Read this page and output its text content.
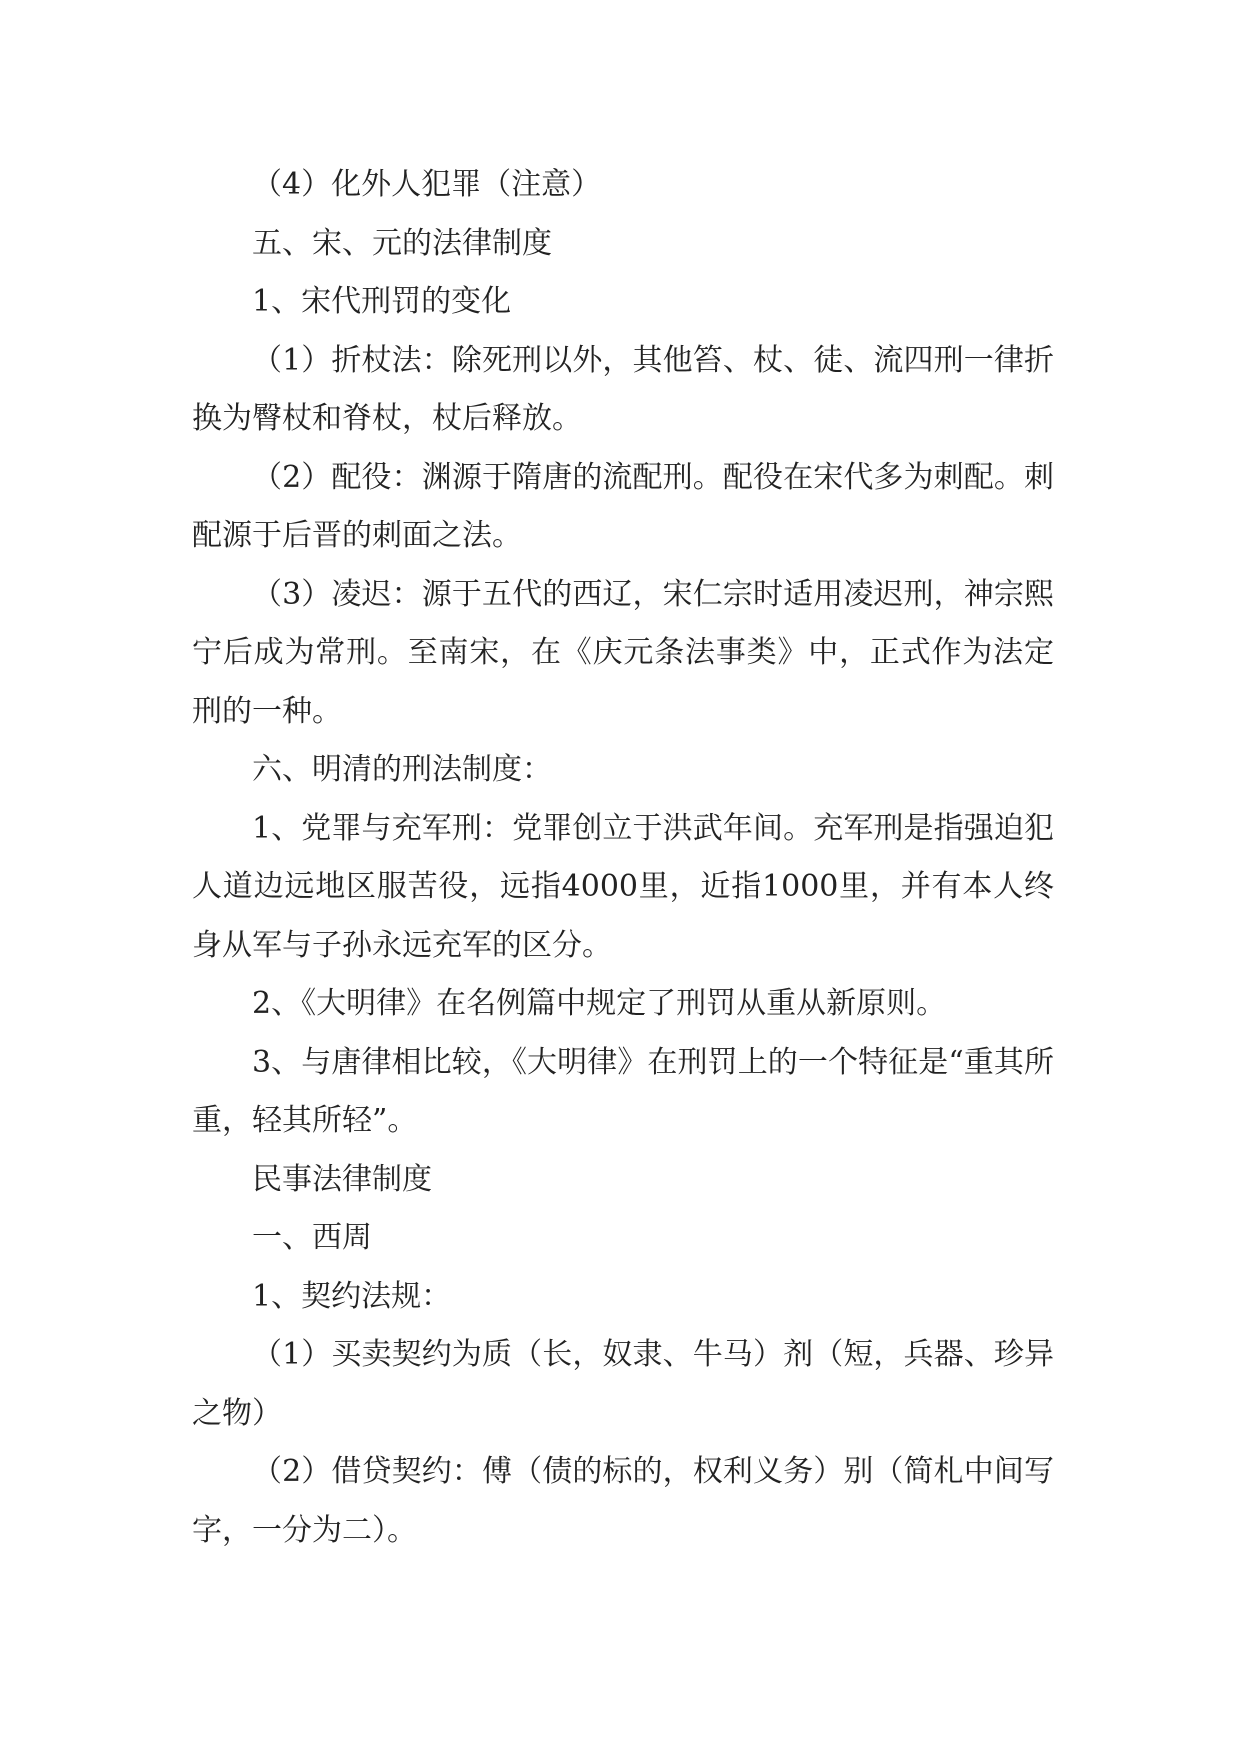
（4）化外人犯罪（注意）

五、宋、元的法律制度

1、宋代刑罚的变化

（1）折杖法：除死刑以外，其他笞、杖、徒、流四刑一律折换为臀杖和脊杖，杖后释放。

（2）配役：渊源于隋唐的流配刑。配役在宋代多为刺配。刺配源于后晋的刺面之法。

（3）凌迟：源于五代的西辽，宋仁宗时适用凌迟刑，神宗熙宁后成为常刑。至南宋，在《庆元条法事类》中，正式作为法定刑的一种。

六、明清的刑法制度：

1、党罪与充军刑：党罪创立于洪武年间。充军刑是指强迫犯人道边远地区服苦役，远指4000里，近指1000里，并有本人终身从军与子孙永远充军的区分。

2、《大明律》在名例篇中规定了刑罚从重从新原则。

3、与唐律相比较，《大明律》在刑罚上的一个特征是“重其所重，轻其所轻”。

民事法律制度

一、西周

1、契约法规：

（1）买卖契约为质（长，奴隶、牛马）剂（短，兵器、珍异之物）

（2）借贷契约：傅（债的标的，权利义务）别（简札中间写字，一分为二）。
